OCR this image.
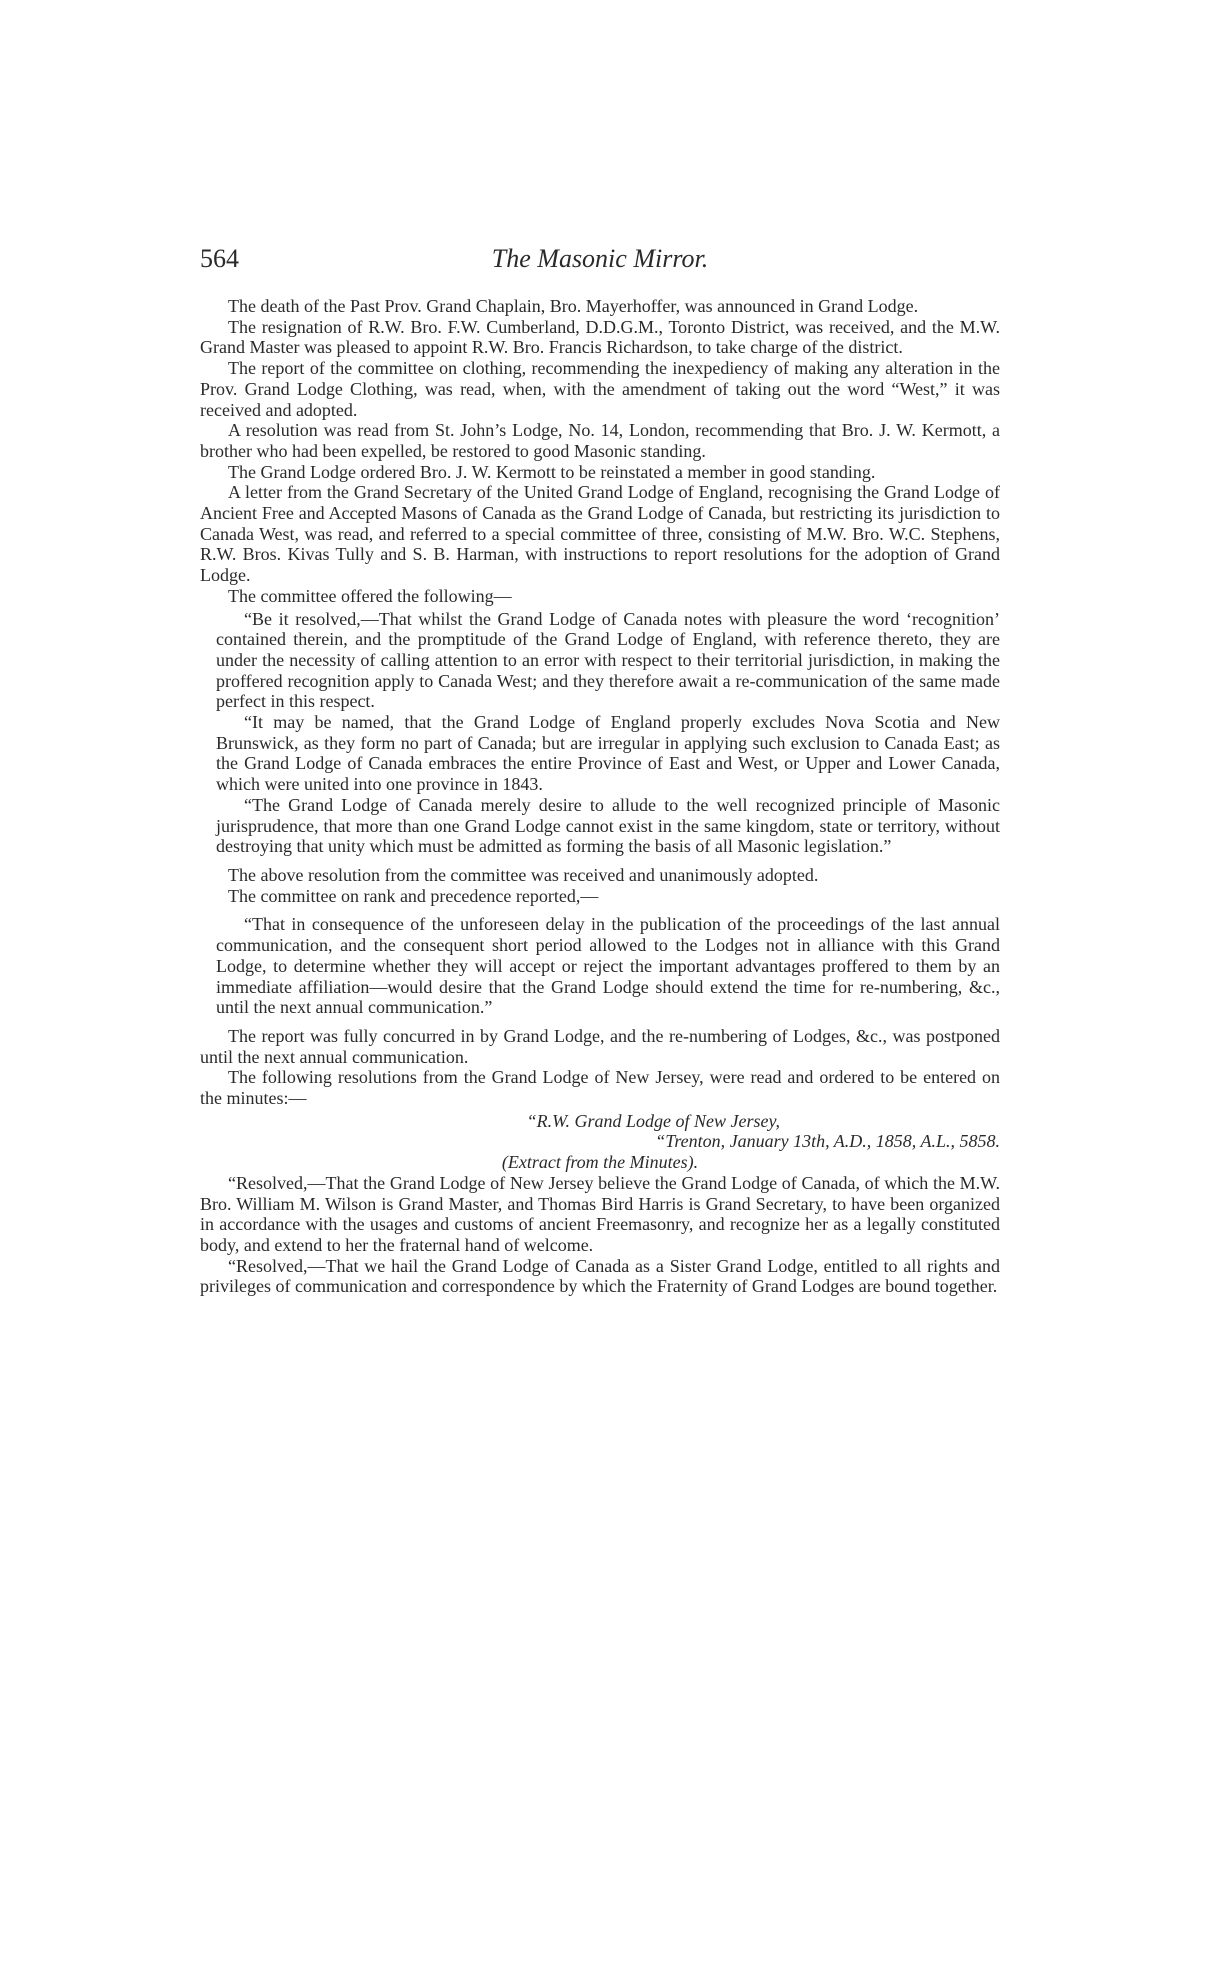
564	The Masonic Mirror.

The death of the Past Prov. Grand Chaplain, Bro. Mayerhoffer, was announced in Grand Lodge.

The resignation of R.W. Bro. F.W. Cumberland, D.D.G.M., Toronto District, was received, and the M.W. Grand Master was pleased to appoint R.W. Bro. Francis Richardson, to take charge of the district.

The report of the committee on clothing, recommending the inexpediency of making any alteration in the Prov. Grand Lodge Clothing, was read, when, with the amendment of taking out the word “West,” it was received and adopted.

A resolution was read from St. John’s Lodge, No. 14, London, recommending that Bro. J. W. Kermott, a brother who had been expelled, be restored to good Masonic standing.

The Grand Lodge ordered Bro. J. W. Kermott to be reinstated a member in good standing.

A letter from the Grand Secretary of the United Grand Lodge of England, recognising the Grand Lodge of Ancient Free and Accepted Masons of Canada as the Grand Lodge of Canada, but restricting its jurisdiction to Canada West, was read, and referred to a special committee of three, consisting of M.W. Bro. W.C. Stephens, R.W. Bros. Kivas Tully and S. B. Harman, with instructions to report resolutions for the adoption of Grand Lodge.

The committee offered the following—

“Be it resolved,—That whilst the Grand Lodge of Canada notes with pleasure the word ‘recognition’ contained therein, and the promptitude of the Grand Lodge of England, with reference thereto, they are under the necessity of calling attention to an error with respect to their territorial jurisdiction, in making the proffered recognition apply to Canada West; and they therefore await a re-communication of the same made perfect in this respect.

“It may be named, that the Grand Lodge of England properly excludes Nova Scotia and New Brunswick, as they form no part of Canada; but are irregular in applying such exclusion to Canada East; as the Grand Lodge of Canada embraces the entire Province of East and West, or Upper and Lower Canada, which were united into one province in 1843.

“The Grand Lodge of Canada merely desire to allude to the well recognized principle of Masonic jurisprudence, that more than one Grand Lodge cannot exist in the same kingdom, state or territory, without destroying that unity which must be admitted as forming the basis of all Masonic legislation.”

The above resolution from the committee was received and unanimously adopted.

The committee on rank and precedence reported,—

“That in consequence of the unforeseen delay in the publication of the proceedings of the last annual communication, and the consequent short period allowed to the Lodges not in alliance with this Grand Lodge, to determine whether they will accept or reject the important advantages proffered to them by an immediate affiliation—would desire that the Grand Lodge should extend the time for re-numbering, &c., until the next annual communication.”

The report was fully concurred in by Grand Lodge, and the re-numbering of Lodges, &c., was postponed until the next annual communication.

The following resolutions from the Grand Lodge of New Jersey, were read and ordered to be entered on the minutes:—

“R.W. Grand Lodge of New Jersey,

“Trenton, January 13th, A.D., 1858, A.L., 5858.

(Extract from the Minutes).

“Resolved,—That the Grand Lodge of New Jersey believe the Grand Lodge of Canada, of which the M.W. Bro. William M. Wilson is Grand Master, and Thomas Bird Harris is Grand Secretary, to have been organized in accordance with the usages and customs of ancient Freemasonry, and recognize her as a legally constituted body, and extend to her the fraternal hand of welcome.

“Resolved,—That we hail the Grand Lodge of Canada as a Sister Grand Lodge, entitled to all rights and privileges of communication and correspondence by which the Fraternity of Grand Lodges are bound together.
